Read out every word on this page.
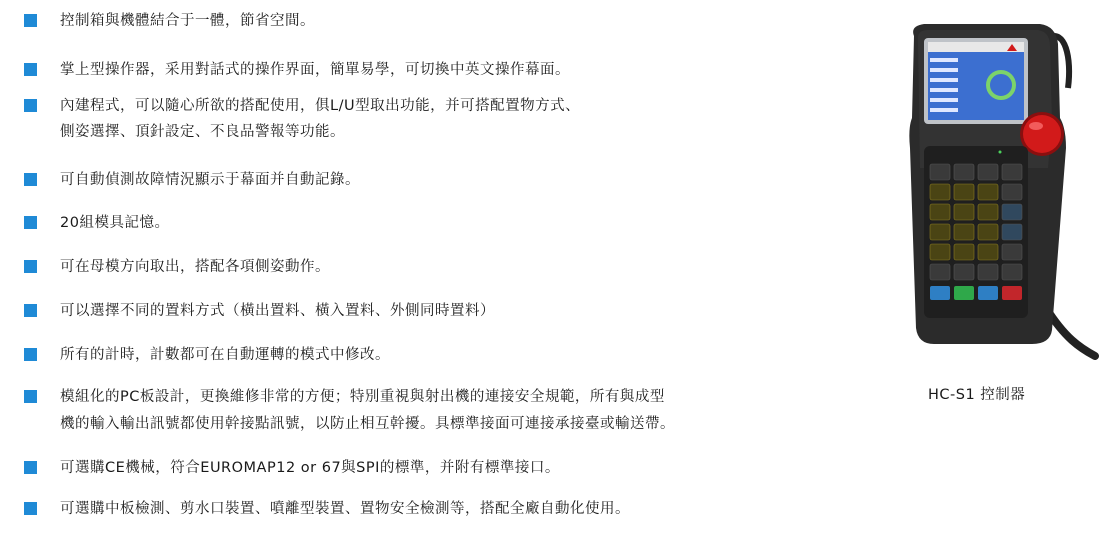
控制箱與機體結合于一體，節省空間。
掌上型操作器，采用對話式的操作界面，簡單易學，可切換中英文操作幕面。
內建程式，可以隨心所欲的搭配使用，俱L/U型取出功能，并可搭配置物方式、
側姿選擇、頂針設定、不良品警報等功能。
可自動偵測故障情況顯示于幕面并自動記錄。
20組模具記憶。
可在母模方向取出，搭配各項側姿動作。
可以選擇不同的置料方式（橫出置料、橫入置料、外側同時置料）
所有的計時，計數都可在自動運轉的模式中修改。
模組化的PC板設計，更換維修非常的方便；特別重視與射出機的連接安全規範，所有與成型
機的輸入輸出訊號都使用幹接點訊號，以防止相互幹擾。具標準接面可連接承接臺或輸送帶。
可選購CE機械，符合EUROMAP12 or 67與SPI的標準，并附有標準接口。
可選購中板檢測、剪水口裝置、噴離型裝置、置物安全檢測等，搭配全廠自動化使用。
HC-S1 控制器
